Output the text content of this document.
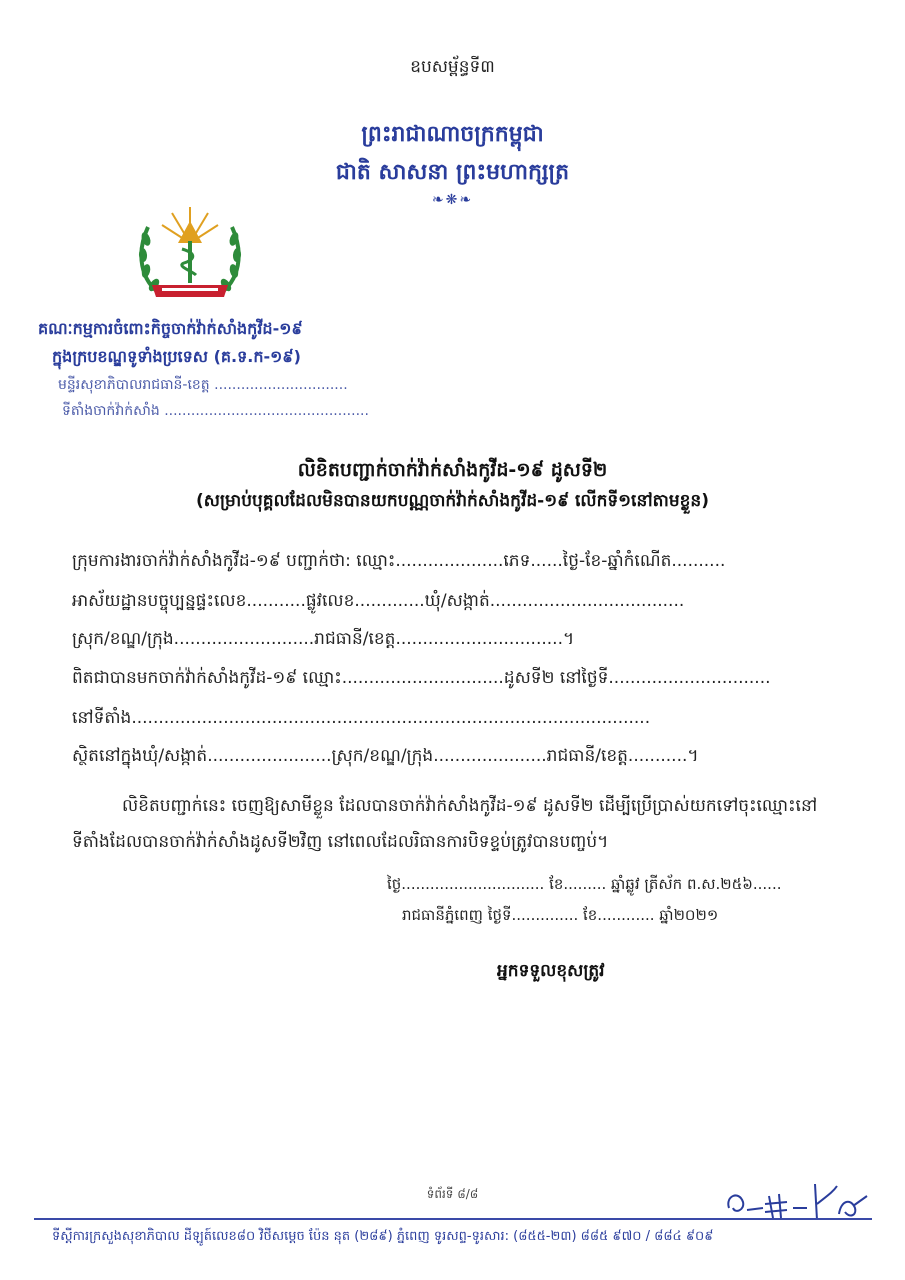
ឧបសម្ព័ន្ធទី៣
ព្រះរាជាណាចក្រកម្ពុជា
ជាតិ សាសនា ព្រះមហាក្សត្រ
❧❋❧
គណៈកម្មការចំពោះកិច្ចចាក់វ៉ាក់សាំងកូវីដ-១៩
ក្នុងក្របខណ្ឌទូទាំងប្រទេស (គ.ទ.ក-១៩)
មន្ទីរសុខាភិបាលរាជធានី-ខេត្ត ..............................
ទីតាំងចាក់វ៉ាក់សាំង ..............................................
លិខិតបញ្ជាក់ចាក់វ៉ាក់សាំងកូវីដ-១៩ ដូសទី២
(សម្រាប់បុគ្គលដែលមិនបានយកបណ្ណចាក់វ៉ាក់សាំងកូវីដ-១៩ លើកទី១នៅតាមខ្លួន)
ក្រុមការងារចាក់វ៉ាក់សាំងកូវីដ-១៩ បញ្ជាក់ថា: ឈ្មោះ....................ភេទ......ថ្ងៃ-ខែ-ឆ្នាំកំណើត..........
អាស័យដ្ឋានបច្ចុប្បន្នផ្ទះលេខ...........ផ្លូវលេខ.............ឃុំ/សង្កាត់....................................
ស្រុក/ខណ្ឌ/ក្រុង..........................រាជធានី/ខេត្ត...............................។
ពិតជាបានមកចាក់វ៉ាក់សាំងកូវីដ-១៩ ឈ្មោះ..............................ដូសទី២ នៅថ្ងៃទី..............................
នៅទីតាំង................................................................................................
ស្ថិតនៅក្នុងឃុំ/សង្កាត់.......................ស្រុក/ខណ្ឌ/ក្រុង.....................រាជធានី/ខេត្ត...........។
លិខិតបញ្ជាក់នេះ ចេញឱ្យសាមីខ្លួន ដែលបានចាក់វ៉ាក់សាំងកូវីដ-១៩ ដូសទី២ ដើម្បីប្រើប្រាស់យកទៅចុះឈ្មោះនៅទីតាំងដែលបានចាក់វ៉ាក់សាំងដូសទី២វិញ នៅពេលដែលរិធានការបិទខ្ទប់ត្រូវបានបញ្ចប់។
ថ្ងៃ.............................. ខែ......... ឆ្នាំឆ្លូវ ត្រីស័ក ព.ស.២៥៦......
រាជធានីភ្នំពេញ ថ្ងៃទី.............. ខែ............ ឆ្នាំ២០២១
អ្នកទទួលខុសត្រូវ
ទំព័រទី ៨/៨
ទីស្តីការក្រសួងសុខាភិបាល ដីឡូត៍លេខ៨០ វិថីសម្តេច ប៉ែន នុត (២៨៩) ភ្នំពេញ ទូរសព្ទ-ទូរសារ: (៨៥៥-២៣) ៨៨៥ ៩៧០ / ៨៨៤ ៩០៩
